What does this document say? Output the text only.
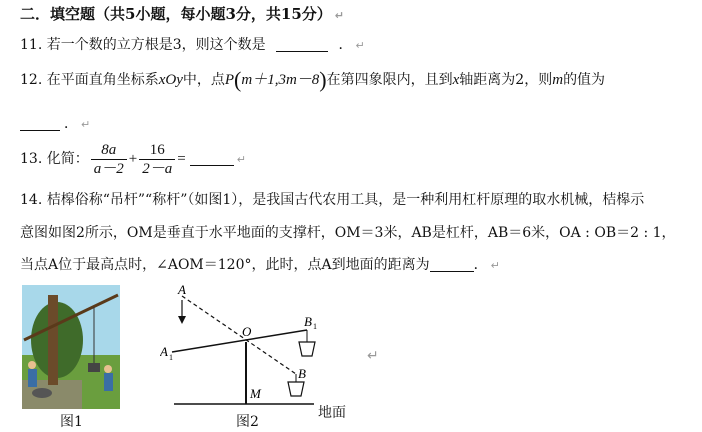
二．填空题（共5小题，每小题3分，共15分） ↵
11. 若一个数的立方根是3，则这个数是	． ↵
12. 在平面直角坐标系xOy中，点P(m＋1,3m－8)在第四象限内，且到x轴距离为2，则m的值为
． ↵
13. 化简： $\frac{8a}{a-2} + \frac{16}{2-a}$ =	↵
14. 桔槔俗称“吊杆”“称杆”（如图1），是我国古代农用工具，是一种利用杠杆原理的取水机械，桔槔示
意图如图2所示，OM是垂直于水平地面的支撑杆，OM＝3米，AB是杠杆，AB＝6米，OA : OB＝2 : 1，
当点A位于最高点时，∠AOM＝120°，此时，点A到地面的距离为	． ↵
图1
A
A 1
O
B 1
B
M
图2
地面
↵
